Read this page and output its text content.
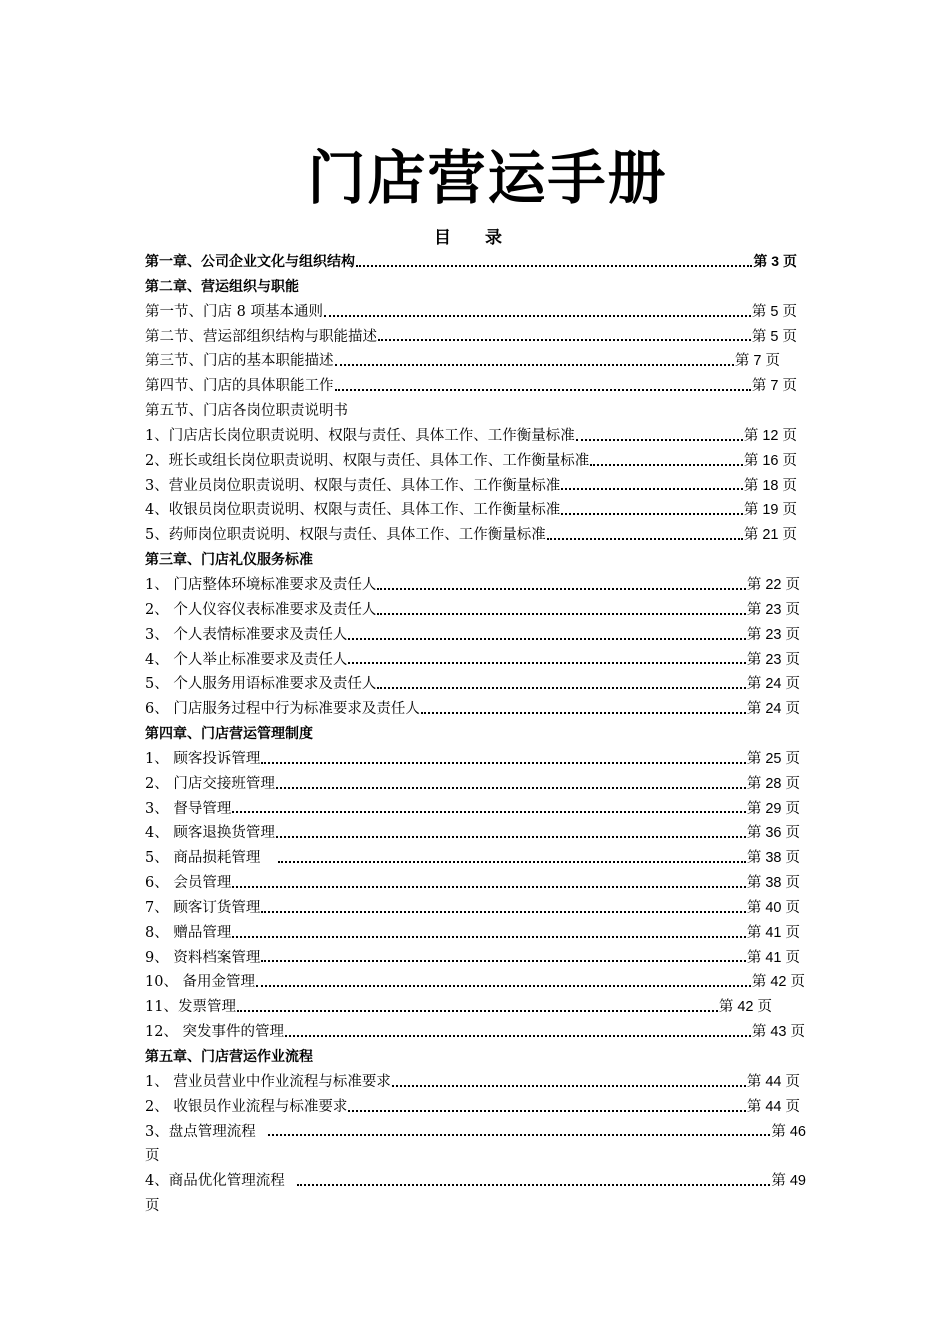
门店营运手册
目 录
第一章、公司企业文化与组织结构	第 3 页
第二章、营运组织与职能
第一节、门店 8 项基本通则	第 5 页
第二节、营运部组织结构与职能描述	第 5 页
第三节、门店的基本职能描述	第 7 页
第四节、门店的具体职能工作	第 7 页
第五节、门店各岗位职责说明书
1、门店店长岗位职责说明、权限与责任、具体工作、工作衡量标准	第 12 页
2、班长或组长岗位职责说明、权限与责任、具体工作、工作衡量标准	第 16 页
3、营业员岗位职责说明、权限与责任、具体工作、工作衡量标准	第 18 页
4、收银员岗位职责说明、权限与责任、具体工作、工作衡量标准	第 19 页
5、药师岗位职责说明、权限与责任、具体工作、工作衡量标准	第 21 页
第三章、门店礼仪服务标准
1、 门店整体环境标准要求及责任人	第 22 页
2、 个人仪容仪表标准要求及责任人	第 23 页
3、 个人表情标准要求及责任人	第 23 页
4、 个人举止标准要求及责任人	第 23 页
5、 个人服务用语标准要求及责任人	第 24 页
6、 门店服务过程中行为标准要求及责任人	第 24 页
第四章、门店营运管理制度
1、 顾客投诉管理	第 25 页
2、 门店交接班管理	第 28 页
3、 督导管理	第 29 页
4、 顾客退换货管理	第 36 页
5、 商品损耗管理	第 38 页
6、 会员管理	第 38 页
7、 顾客订货管理	第 40 页
8、 赠品管理	第 41 页
9、 资料档案管理	第 41 页
10、 备用金管理	第 42 页
11、发票管理	第 42 页
12、 突发事件的管理	第 43 页
第五章、门店营运作业流程
1、 营业员营业中作业流程与标准要求	第 44 页
2、 收银员作业流程与标准要求	第 44 页
3、盘点管理流程	第 46
页
4、商品优化管理流程	第 49
页
